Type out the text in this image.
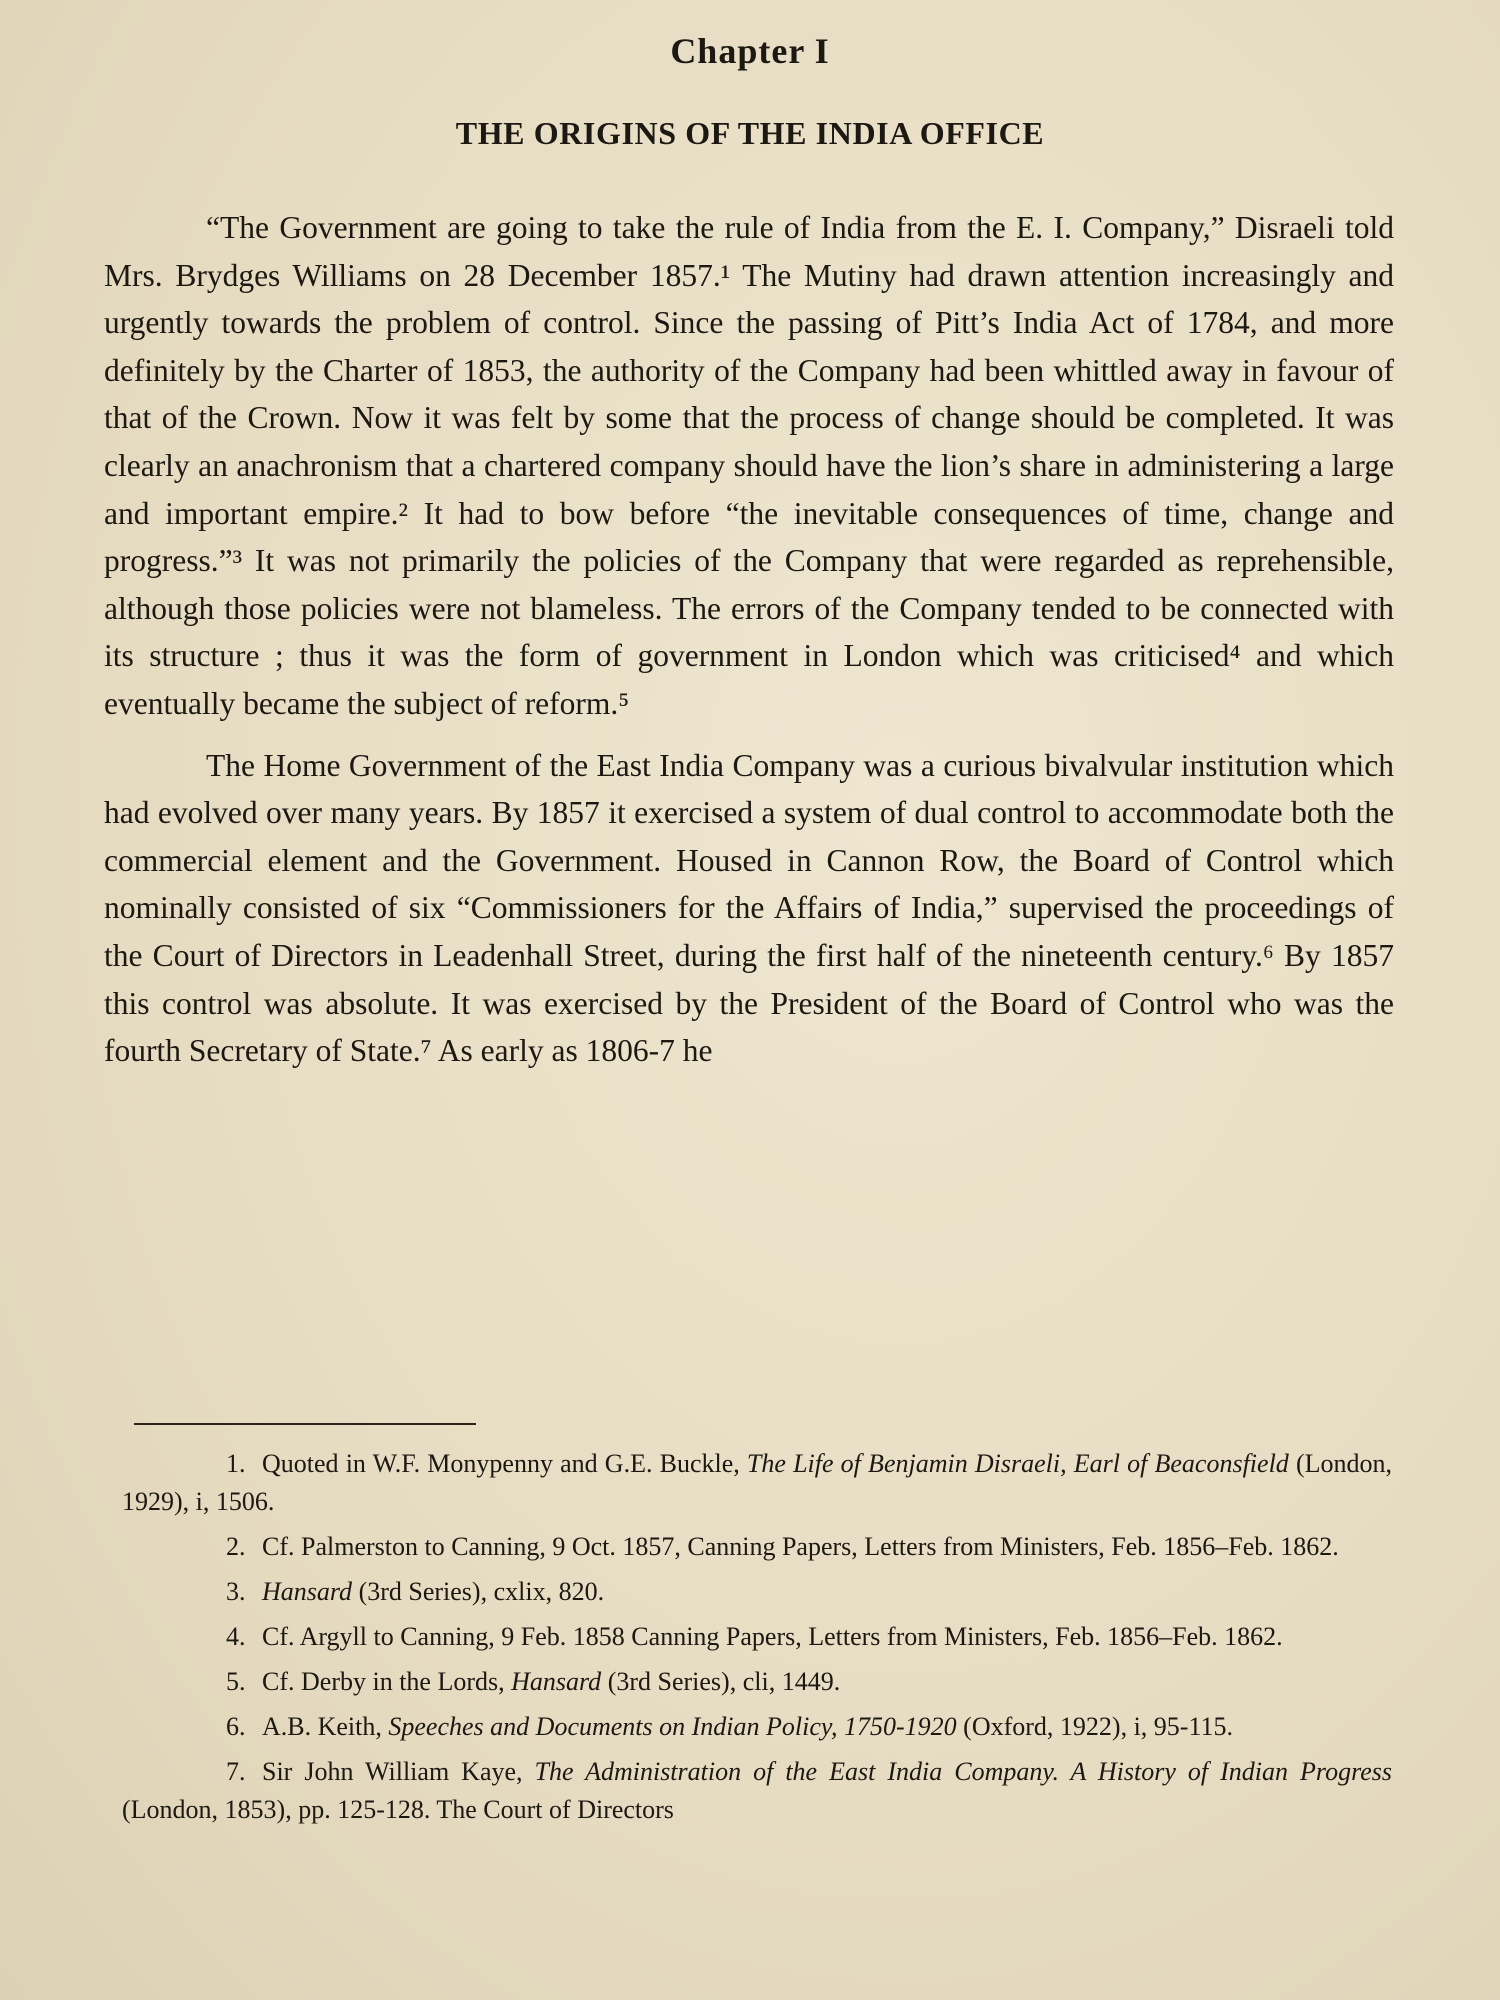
Chapter I
THE ORIGINS OF THE INDIA OFFICE

“The Government are going to take the rule of India from the E. I. Company,” Disraeli told Mrs. Brydges Williams on 28 December 1857.¹ The Mutiny had drawn attention increasingly and urgently towards the problem of control. Since the passing of Pitt’s India Act of 1784, and more definitely by the Charter of 1853, the authority of the Company had been whittled away in favour of that of the Crown. Now it was felt by some that the process of change should be completed. It was clearly an anachronism that a chartered company should have the lion’s share in administering a large and important empire.² It had to bow before “the inevitable consequences of time, change and progress.”³ It was not primarily the policies of the Company that were regarded as reprehensible, although those policies were not blameless. The errors of the Company tended to be connected with its structure ; thus it was the form of government in London which was criticised⁴ and which eventually became the subject of reform.⁵

The Home Government of the East India Company was a curious bivalvular institution which had evolved over many years. By 1857 it exercised a system of dual control to accommodate both the commercial element and the Government. Housed in Cannon Row, the Board of Control which nominally consisted of six “Commissioners for the Affairs of India,” supervised the proceedings of the Court of Directors in Leadenhall Street, during the first half of the nineteenth century.⁶ By 1857 this control was absolute. It was exercised by the President of the Board of Control who was the fourth Secretary of State.⁷ As early as 1806-7 he

1. Quoted in W.F. Monypenny and G.E. Buckle, The Life of Benjamin Disraeli, Earl of Beaconsfield (London, 1929), i, 1506.

2. Cf. Palmerston to Canning, 9 Oct. 1857, Canning Papers, Letters from Ministers, Feb. 1856–Feb. 1862.

3. Hansard (3rd Series), cxlix, 820.

4. Cf. Argyll to Canning, 9 Feb. 1858 Canning Papers, Letters from Ministers, Feb. 1856–Feb. 1862.

5. Cf. Derby in the Lords, Hansard (3rd Series), cli, 1449.

6. A.B. Keith, Speeches and Documents on Indian Policy, 1750-1920 (Oxford, 1922), i, 95-115.

7. Sir John William Kaye, The Administration of the East India Company. A History of Indian Progress (London, 1853), pp. 125-128. The Court of Directors
